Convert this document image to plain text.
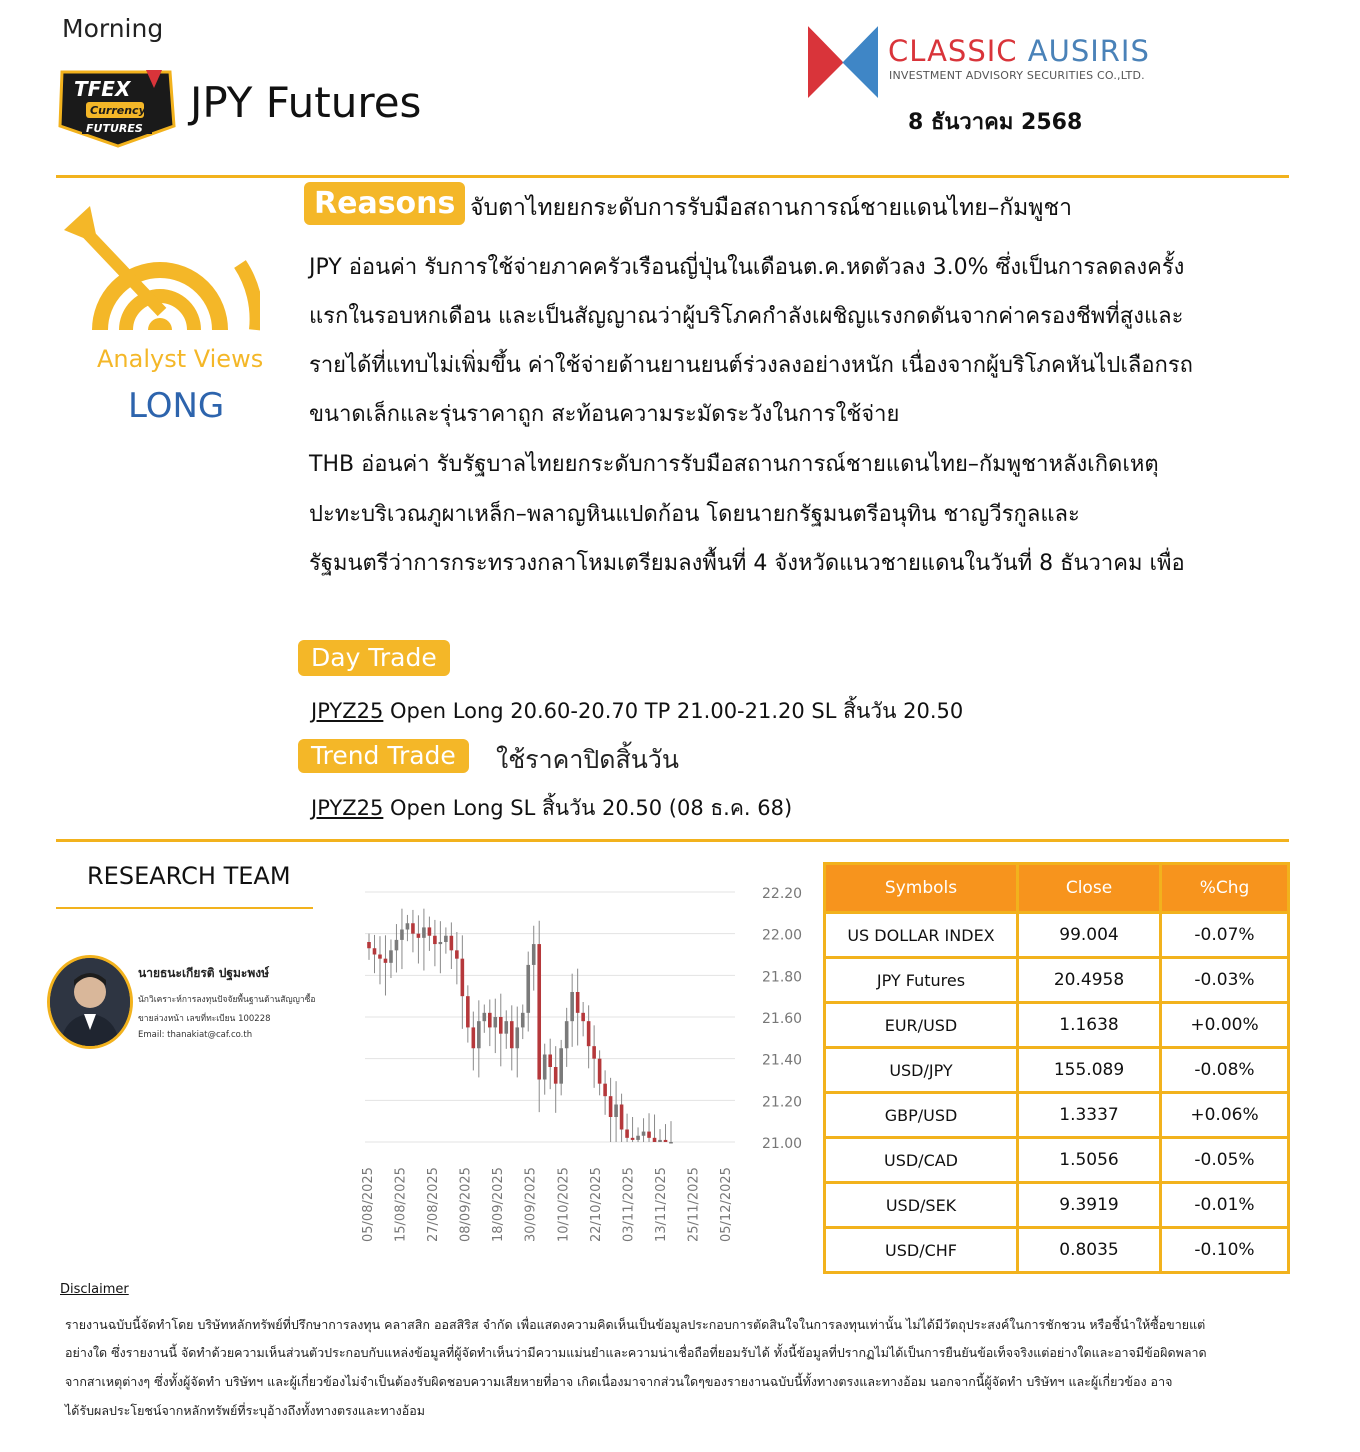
Morning
TFEX
Currency
FUTURES
JPY Futures
CLASSIC AUSIRIS
INVESTMENT ADVISORY SECURITIES CO.,LTD.
8 ธันวาคม 2568
Analyst Views
LONG
Reasons จับตาไทยยกระดับการรับมือสถานการณ์ชายแดนไทย–กัมพูชา
JPY อ่อนค่า รับการใช้จ่ายภาคครัวเรือนญี่ปุ่นในเดือนต.ค.หดตัวลง 3.0% ซึ่งเป็นการลดลงครั้ง
แรกในรอบหกเดือน และเป็นสัญญาณว่าผู้บริโภคกำลังเผชิญแรงกดดันจากค่าครองชีพที่สูงและ
รายได้ที่แทบไม่เพิ่มขึ้น ค่าใช้จ่ายด้านยานยนต์ร่วงลงอย่างหนัก เนื่องจากผู้บริโภคหันไปเลือกรถ
ขนาดเล็กและรุ่นราคาถูก สะท้อนความระมัดระวังในการใช้จ่าย
THB อ่อนค่า รับรัฐบาลไทยยกระดับการรับมือสถานการณ์ชายแดนไทย–กัมพูชาหลังเกิดเหตุ
ปะทะบริเวณภูผาเหล็ก–พลาญหินแปดก้อน โดยนายกรัฐมนตรีอนุทิน ชาญวีรกูลและ
รัฐมนตรีว่าการกระทรวงกลาโหมเตรียมลงพื้นที่ 4 จังหวัดแนวชายแดนในวันที่ 8 ธันวาคม เพื่อ
Day Trade
JPYZ25 Open Long 20.60-20.70 TP 21.00-21.20 SL สิ้นวัน 20.50
Trend Trade	ใช้ราคาปิดสิ้นวัน
JPYZ25 Open Long SL สิ้นวัน 20.50 (08 ธ.ค. 68)
RESEARCH TEAM
นายธนะเกียรติ ปฐมะพงษ์
นักวิเคราะห์การลงทุนปัจจัยพื้นฐานด้านสัญญาซื้อ
ขายล่วงหน้า เลขที่ทะเบียน 100228
Email: thanakiat@caf.co.th
22.20
22.00
21.80
21.60
21.40
21.20
21.00
05/08/2025 15/08/2025 27/08/2025 08/09/2025 18/09/2025 30/09/2025 10/10/2025 22/10/2025 03/11/2025 13/11/2025 25/11/2025 05/12/2025
Symbols	Close	%Chg
US DOLLAR INDEX	99.004	-0.07%
JPY Futures	20.4958	-0.03%
EUR/USD	1.1638	+0.00%
USD/JPY	155.089	-0.08%
GBP/USD	1.3337	+0.06%
USD/CAD	1.5056	-0.05%
USD/SEK	9.3919	-0.01%
USD/CHF	0.8035	-0.10%
Disclaimer
รายงานฉบับนี้จัดทำโดย บริษัทหลักทรัพย์ที่ปรึกษาการลงทุน คลาสสิก ออสสิริส จำกัด เพื่อแสดงความคิดเห็นเป็นข้อมูลประกอบการตัดสินใจในการลงทุนเท่านั้น ไม่ได้มีวัตถุประสงค์ในการชักชวน หรือชี้นำให้ซื้อขายแต่
อย่างใด ซึ่งรายงานนี้ จัดทำด้วยความเห็นส่วนตัวประกอบกับแหล่งข้อมูลที่ผู้จัดทำเห็นว่ามีความแม่นยำและความน่าเชื่อถือที่ยอมรับได้ ทั้งนี้ข้อมูลที่ปรากฏไม่ได้เป็นการยืนยันข้อเท็จจริงแต่อย่างใดและอาจมีข้อผิดพลาด
จากสาเหตุต่างๆ ซึ่งทั้งผู้จัดทำ บริษัทฯ และผู้เกี่ยวข้องไม่จำเป็นต้องรับผิดชอบความเสียหายที่อาจ เกิดเนื่องมาจากส่วนใดๆของรายงานฉบับนี้ทั้งทางตรงและทางอ้อม นอกจากนี้ผู้จัดทำ บริษัทฯ และผู้เกี่ยวข้อง อาจ
ได้รับผลประโยชน์จากหลักทรัพย์ที่ระบุอ้างถึงทั้งทางตรงและทางอ้อม
